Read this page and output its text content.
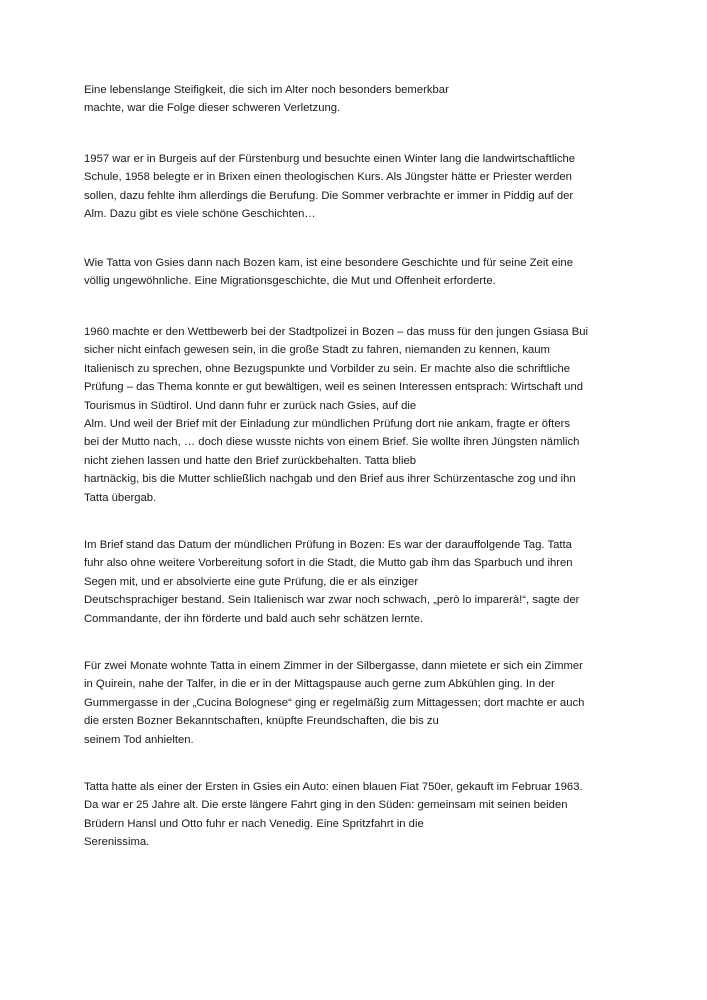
Eine lebenslange Steifigkeit, die sich im Alter noch besonders bemerkbar
machte, war die Folge dieser schweren Verletzung.
1957 war er in Burgeis auf der Fürstenburg und besuchte einen Winter lang die landwirtschaftliche
Schule, 1958 belegte er in Brixen einen theologischen Kurs. Als Jüngster hätte er Priester werden
sollen, dazu fehlte ihm allerdings die Berufung. Die Sommer verbrachte er immer in Piddig auf der
Alm. Dazu gibt es viele schöne Geschichten…
Wie Tatta von Gsies dann nach Bozen kam, ist eine besondere Geschichte und für seine Zeit eine
völlig ungewöhnliche. Eine Migrationsgeschichte, die Mut und Offenheit erforderte.
1960 machte er den Wettbewerb bei der Stadtpolizei in Bozen – das muss für den jungen Gsiasa Bui
sicher nicht einfach gewesen sein, in die große Stadt zu fahren, niemanden zu kennen, kaum
Italienisch zu sprechen, ohne Bezugspunkte und Vorbilder zu sein. Er machte also die schriftliche
Prüfung – das Thema konnte er gut bewältigen, weil es seinen Interessen entsprach: Wirtschaft und
Tourismus in Südtirol. Und dann fuhr er zurück nach Gsies, auf die
Alm. Und weil der Brief mit der Einladung zur mündlichen Prüfung dort nie ankam, fragte er öfters
bei der Mutto nach, … doch diese wusste nichts von einem Brief. Sie wollte ihren Jüngsten nämlich
nicht ziehen lassen und hatte den Brief zurückbehalten. Tatta blieb
hartnäckig, bis die Mutter schließlich nachgab und den Brief aus ihrer Schürzentasche zog und ihn
Tatta übergab.
Im Brief stand das Datum der mündlichen Prüfung in Bozen: Es war der darauffolgende Tag. Tatta
fuhr also ohne weitere Vorbereitung sofort in die Stadt, die Mutto gab ihm das Sparbuch und ihren
Segen mit, und er absolvierte eine gute Prüfung, die er als einziger
Deutschsprachiger bestand. Sein Italienisch war zwar noch schwach, „però lo imparerà!“, sagte der
Commandante, der ihn förderte und bald auch sehr schätzen lernte.
Für zwei Monate wohnte Tatta in einem Zimmer in der Silbergasse, dann mietete er sich ein Zimmer
in Quirein, nahe der Talfer, in die er in der Mittagspause auch gerne zum Abkühlen ging. In der
Gummergasse in der „Cucina Bolognese“ ging er regelmäßig zum Mittagessen; dort machte er auch
die ersten Bozner Bekanntschaften, knüpfte Freundschaften, die bis zu
seinem Tod anhielten.
Tatta hatte als einer der Ersten in Gsies ein Auto: einen blauen Fiat 750er, gekauft im Februar 1963.
Da war er 25 Jahre alt. Die erste längere Fahrt ging in den Süden: gemeinsam mit seinen beiden
Brüdern Hansl und Otto fuhr er nach Venedig. Eine Spritzfahrt in die
Serenissima.
